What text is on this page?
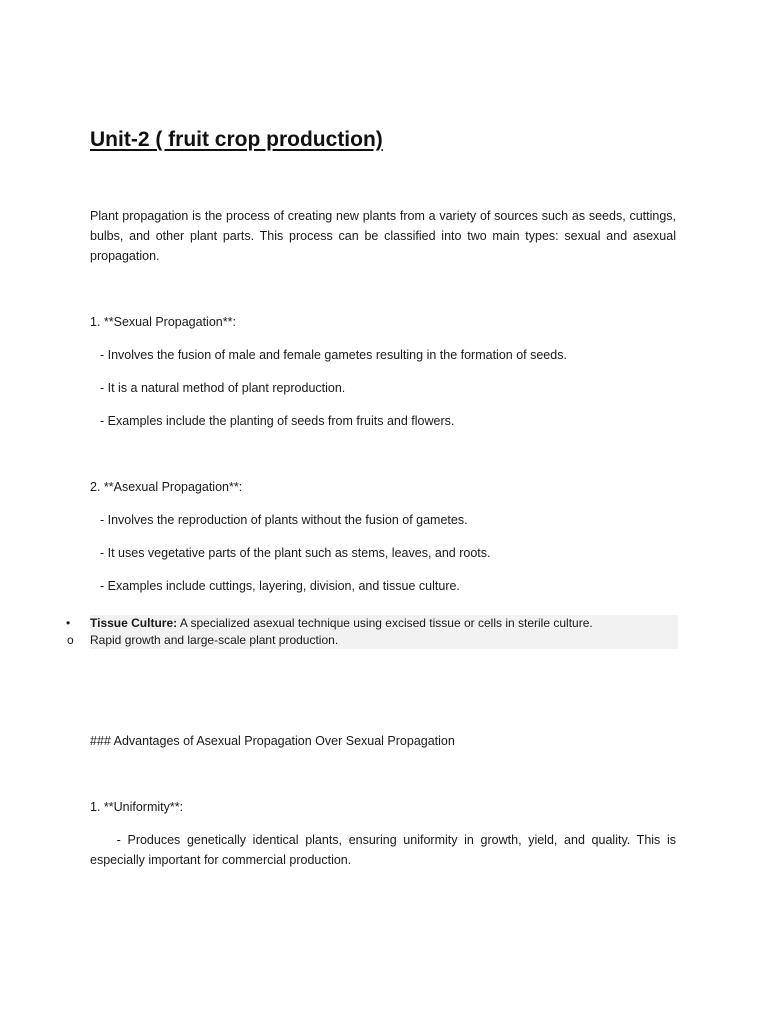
Unit-2 ( fruit crop production)

Plant propagation is the process of creating new plants from a variety of sources such as seeds, cuttings, bulbs, and other plant parts. This process can be classified into two main types: sexual and asexual propagation.

1. **Sexual Propagation**:

- Involves the fusion of male and female gametes resulting in the formation of seeds.

- It is a natural method of plant reproduction.

- Examples include the planting of seeds from fruits and flowers.

2. **Asexual Propagation**:

- Involves the reproduction of plants without the fusion of gametes.

- It uses vegetative parts of the plant such as stems, leaves, and roots.

- Examples include cuttings, layering, division, and tissue culture.

• Tissue Culture: A specialized asexual technique using excised tissue or cells in sterile culture.

o Rapid growth and large-scale plant production.

### Advantages of Asexual Propagation Over Sexual Propagation

1. **Uniformity**:

- Produces genetically identical plants, ensuring uniformity in growth, yield, and quality. This is especially important for commercial production.
